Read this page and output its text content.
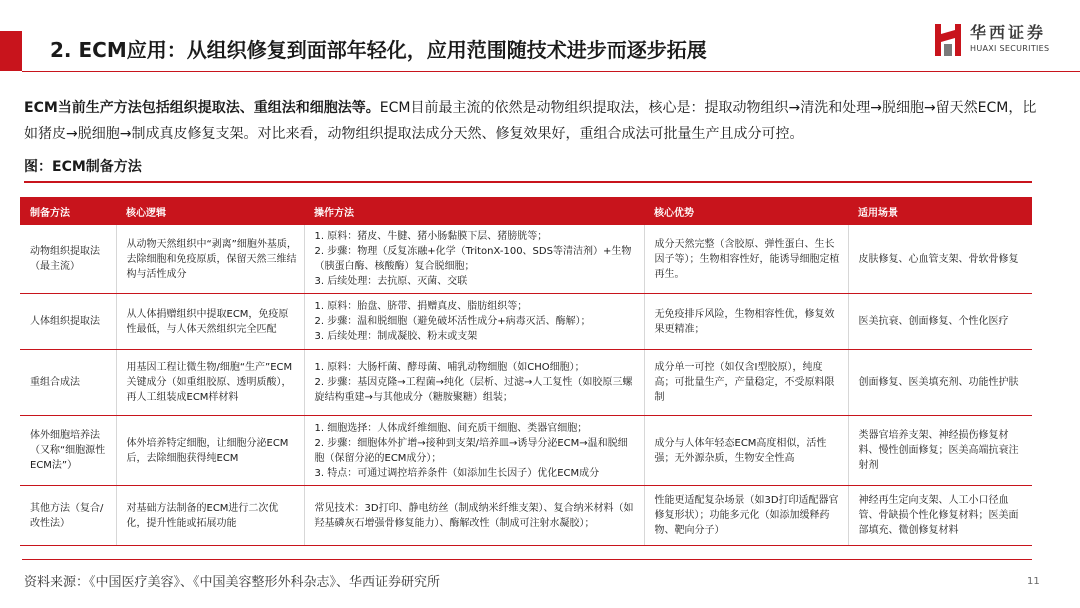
2. ECM应用：从组织修复到面部年轻化，应用范围随技术进步而逐步拓展
华西证券
HUAXI SECURITIES
ECM当前生产方法包括组织提取法、重组法和细胞法等。ECM目前最主流的依然是动物组织提取法，核心是：提取动物组织→清洗和处理→脱细胞→留天然ECM，比如猪皮→脱细胞→制成真皮修复支架。对比来看，动物组织提取法成分天然、修复效果好，重组合成法可批量生产且成分可控。
图：ECM制备方法
制备方法	核心逻辑	操作方法	核心优势	适用场景
动物组织提取法（最主流）	从动物天然组织中“剥离”细胞外基质，去除细胞和免疫原质，保留天然三维结构与活性成分	1. 原料：猪皮、牛腱、猪小肠黏膜下层、猪膀胱等；
2. 步骤：物理（反复冻融+化学（TritonX-100、SDS等清洁剂）+生物（胰蛋白酶、核酸酶）复合脱细胞；
3. 后续处理：去抗原、灭菌、交联	成分天然完整（含胶原、弹性蛋白、生长因子等）；生物相容性好，能诱导细胞定植再生。	皮肤修复、心血管支架、骨软骨修复
人体组织提取法	从人体捐赠组织中提取ECM，免疫原性最低，与人体天然组织完全匹配	1. 原料：胎盘、脐带、捐赠真皮、脂肪组织等；
2. 步骤：温和脱细胞（避免破坏活性成分+病毒灭活、酶解）；
3. 后续处理：制成凝胶、粉末或支架	无免疫排斥风险，生物相容性优，修复效果更精准；	医美抗衰、创面修复、个性化医疗
重组合成法	用基因工程让微生物/细胞“生产”ECM关键成分（如重组胶原、透明质酸），再人工组装成ECM样材料	1. 原料：大肠杆菌、酵母菌、哺乳动物细胞（如CHO细胞）；
2. 步骤：基因克隆→工程菌→纯化（层析、过滤→人工复性（如胶原三螺旋结构重建→与其他成分（糖胺聚糖）组装；	成分单一可控（如仅含Ⅰ型胶原），纯度高；可批量生产，产量稳定，不受原料限制	创面修复、医美填充剂、功能性护肤
体外细胞培养法（又称“细胞源性ECM法”）	体外培养特定细胞，让细胞分泌ECM后，去除细胞获得纯ECM	1. 细胞选择：人体成纤维细胞、间充质干细胞、类器官细胞；
2. 步骤：细胞体外扩增→接种到支架/培养皿→诱导分泌ECM→温和脱细胞（保留分泌的ECM成分）；
3. 特点：可通过调控培养条件（如添加生长因子）优化ECM成分	成分与人体年轻态ECM高度相似，活性强；无外源杂质，生物安全性高	类器官培养支架、神经损伤修复材料、慢性创面修复；医美高端抗衰注射剂
其他方法（复合/改性法）	对基础方法制备的ECM进行二次优化，提升性能或拓展功能	常见技术：3D打印、静电纺丝（制成纳米纤维支架）、复合纳米材料（如羟基磷灰石增强骨修复能力）、酶解改性（制成可注射水凝胶）；	性能更适配复杂场景（如3D打印适配器官修复形状）；功能多元化（如添加缓释药物、靶向分子）	神经再生定向支架、人工小口径血管、骨缺损个性化修复材料；医美面部填充、微创修复材料
资料来源：《中国医疗美容》、《中国美容整形外科杂志》、华西证券研究所	11
